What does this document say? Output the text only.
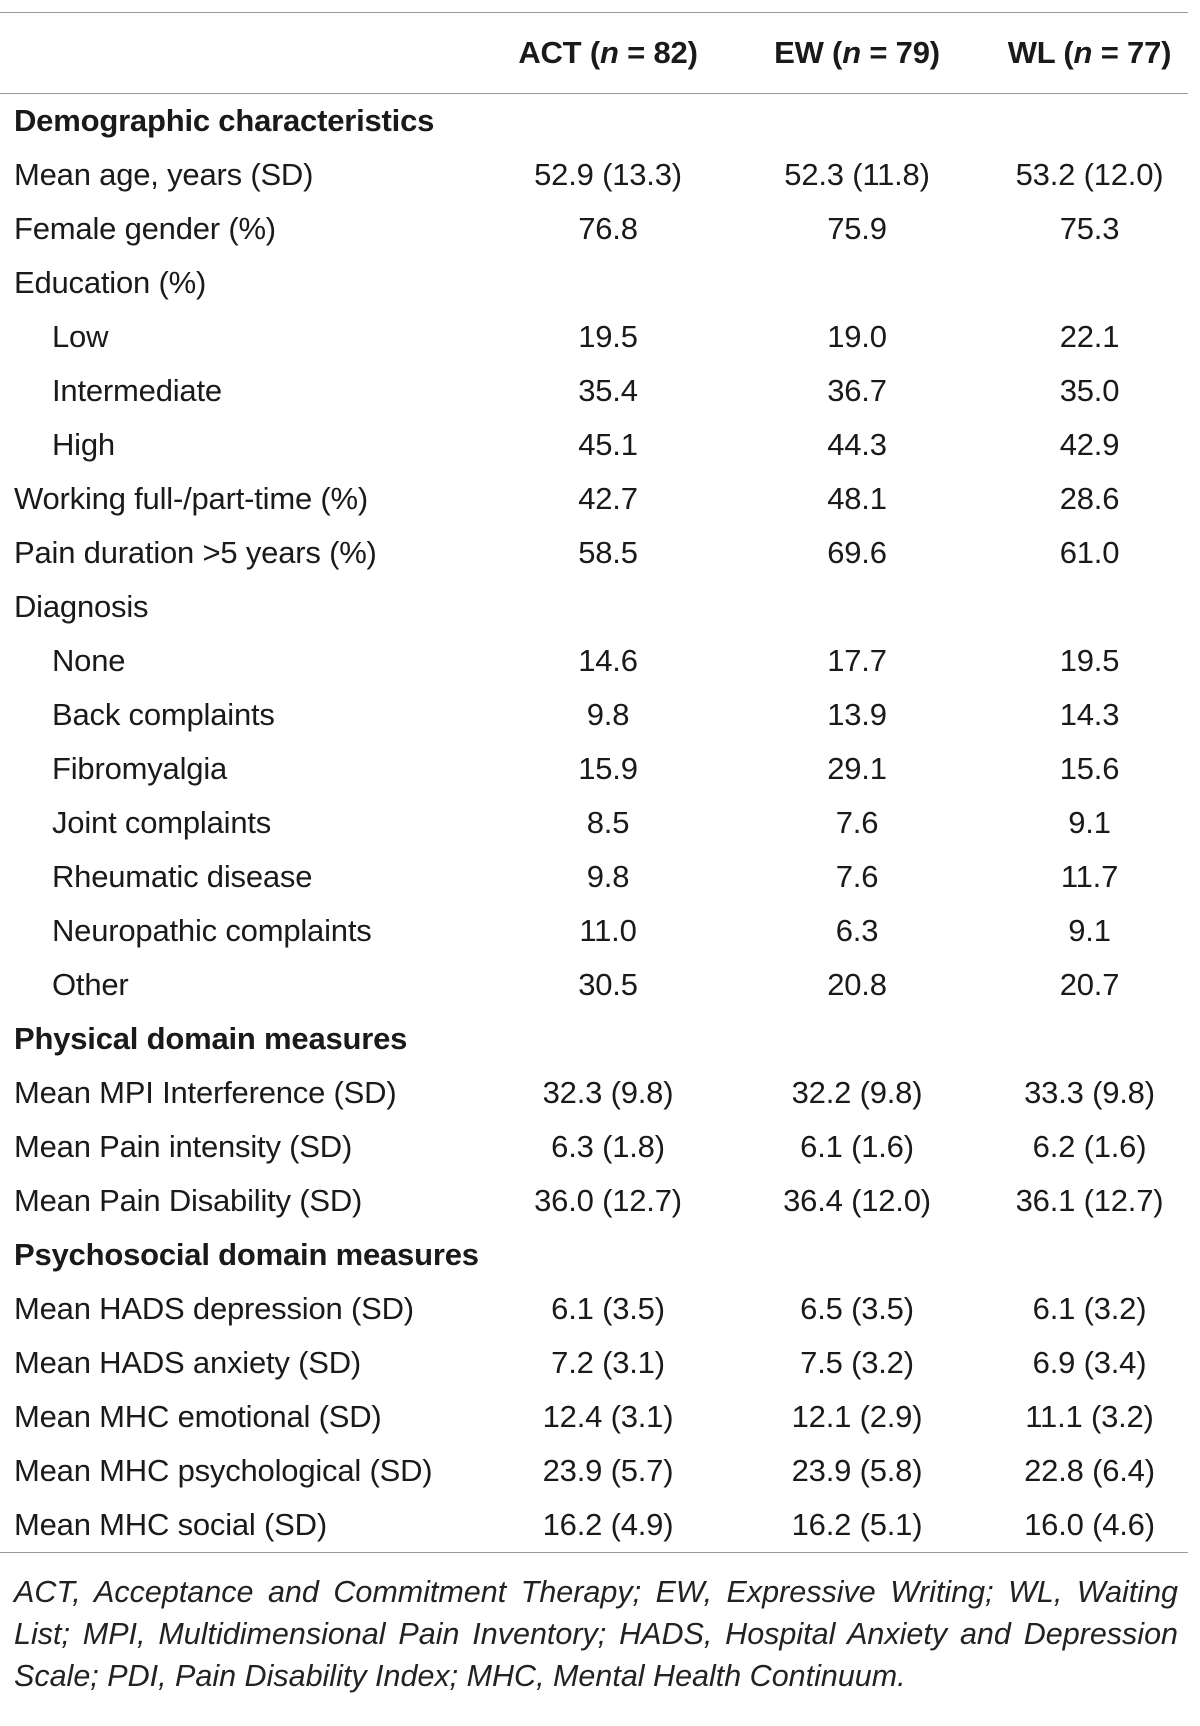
ACT (n = 82)	EW (n = 79)	WL (n = 77)
Demographic characteristics
Mean age, years (SD)	52.9 (13.3)	52.3 (11.8)	53.2 (12.0)
Female gender (%)	76.8	75.9	75.3
Education (%)
Low	19.5	19.0	22.1
Intermediate	35.4	36.7	35.0
High	45.1	44.3	42.9
Working full-/part-time (%)	42.7	48.1	28.6
Pain duration >5 years (%)	58.5	69.6	61.0
Diagnosis
None	14.6	17.7	19.5
Back complaints	9.8	13.9	14.3
Fibromyalgia	15.9	29.1	15.6
Joint complaints	8.5	7.6	9.1
Rheumatic disease	9.8	7.6	11.7
Neuropathic complaints	11.0	6.3	9.1
Other	30.5	20.8	20.7
Physical domain measures
Mean MPI Interference (SD)	32.3 (9.8)	32.2 (9.8)	33.3 (9.8)
Mean Pain intensity (SD)	6.3 (1.8)	6.1 (1.6)	6.2 (1.6)
Mean Pain Disability (SD)	36.0 (12.7)	36.4 (12.0)	36.1 (12.7)
Psychosocial domain measures
Mean HADS depression (SD)	6.1 (3.5)	6.5 (3.5)	6.1 (3.2)
Mean HADS anxiety (SD)	7.2 (3.1)	7.5 (3.2)	6.9 (3.4)
Mean MHC emotional (SD)	12.4 (3.1)	12.1 (2.9)	11.1 (3.2)
Mean MHC psychological (SD)	23.9 (5.7)	23.9 (5.8)	22.8 (6.4)
Mean MHC social (SD)	16.2 (4.9)	16.2 (5.1)	16.0 (4.6)
ACT, Acceptance and Commitment Therapy; EW, Expressive Writing; WL, Waiting List; MPI, Multidimensional Pain Inventory; HADS, Hospital Anxiety and Depression Scale; PDI, Pain Disability Index; MHC, Mental Health Continuum.
